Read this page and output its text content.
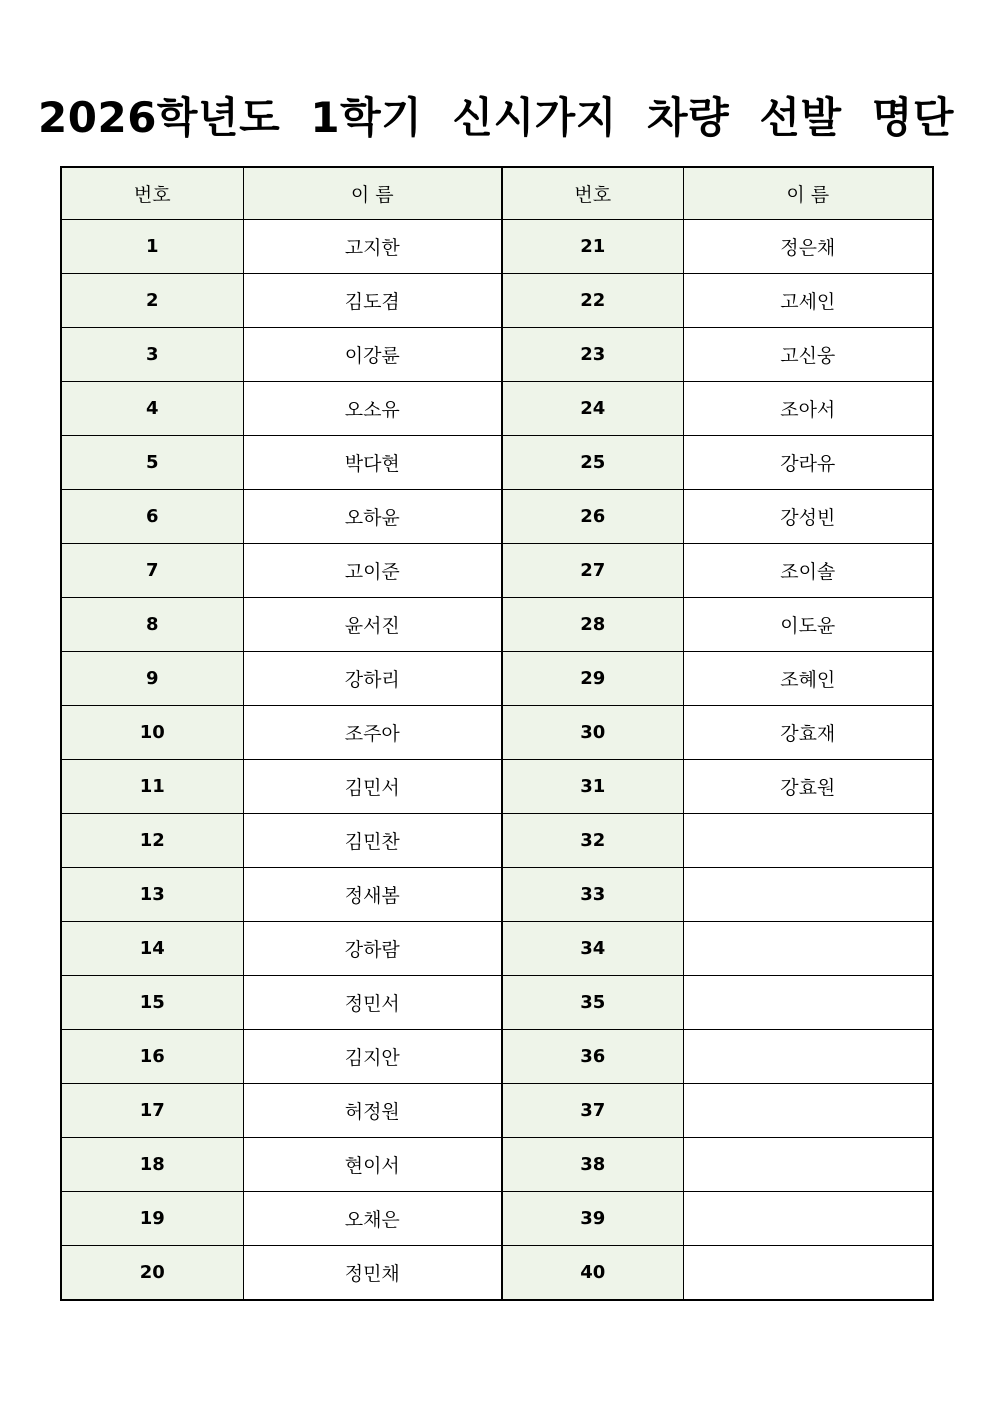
2026학년도  1학기  신시가지  차량  선발  명단
번호	이 름	번호	이 름
1	고지한	21	정은채
2	김도겸	22	고세인
3	이강륜	23	고신웅
4	오소유	24	조아서
5	박다현	25	강라유
6	오하윤	26	강성빈
7	고이준	27	조이솔
8	윤서진	28	이도윤
9	강하리	29	조혜인
10	조주아	30	강효재
11	김민서	31	강효원
12	김민찬	32	
13	정새봄	33	
14	강하람	34	
15	정민서	35	
16	김지안	36	
17	허정원	37	
18	현이서	38	
19	오채은	39	
20	정민채	40	
